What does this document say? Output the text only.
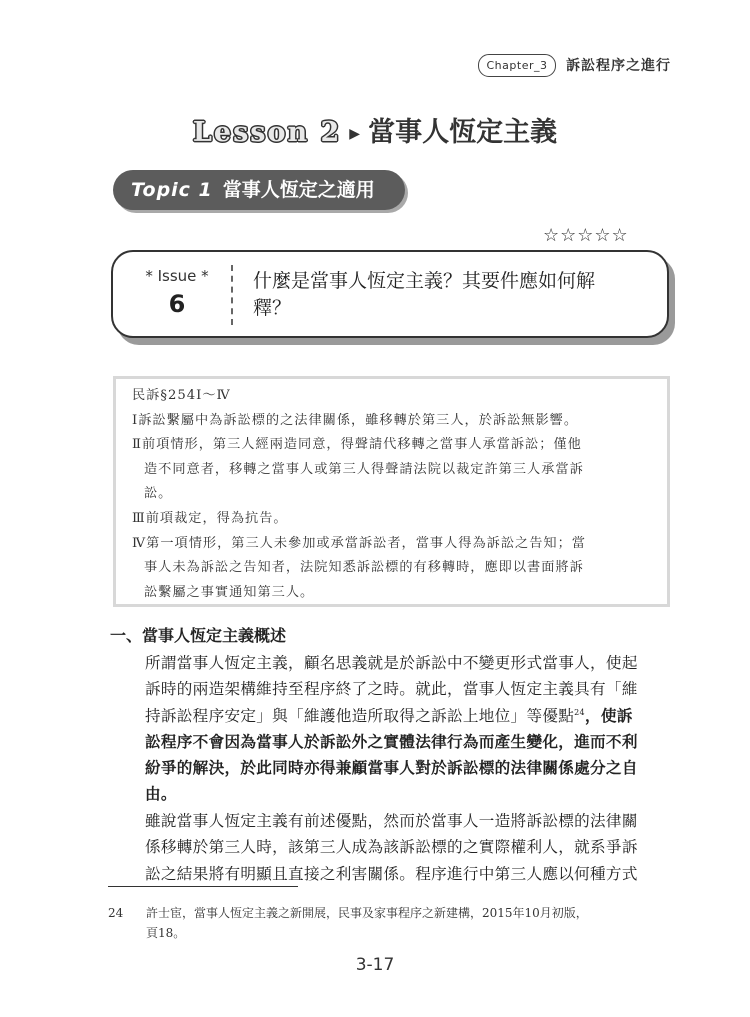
Chapter_3	訴訟程序之進行
Lesson 2 ▶ 當事人恆定主義
Topic 1 當事人恆定之適用
☆☆☆☆☆
* Issue *
6
什麼是當事人恆定主義？其要件應如何解
釋？
民訴§254Ⅰ～Ⅳ
Ⅰ訴訟繫屬中為訴訟標的之法律關係，雖移轉於第三人，於訴訟無影響。
Ⅱ前項情形，第三人經兩造同意，得聲請代移轉之當事人承當訴訟；僅他
造不同意者，移轉之當事人或第三人得聲請法院以裁定許第三人承當訴
訟。
Ⅲ前項裁定，得為抗告。
Ⅳ第一項情形，第三人未參加或承當訴訟者，當事人得為訴訟之告知；當
事人未為訴訟之告知者，法院知悉訴訟標的有移轉時，應即以書面將訴
訟繫屬之事實通知第三人。
一、當事人恆定主義概述
所謂當事人恆定主義，顧名思義就是於訴訟中不變更形式當事人，使起
訴時的兩造架構維持至程序終了之時。就此，當事人恆定主義具有「維
持訴訟程序安定」與「維護他造所取得之訴訟上地位」等優點$^{24}$，使訴
訟程序不會因為當事人於訴訟外之實體法律行為而產生變化，進而不利
紛爭的解決，於此同時亦得兼顧當事人對於訴訟標的法律關係處分之自
由。
雖說當事人恆定主義有前述優點，然而於當事人一造將訴訟標的法律關
係移轉於第三人時，該第三人成為該訴訟標的之實際權利人，就系爭訴
訟之結果將有明顯且直接之利害關係。程序進行中第三人應以何種方式
24 許士宦，當事人恆定主義之新開展，民事及家事程序之新建構，2015年10月初版，
頁18。
3-17
